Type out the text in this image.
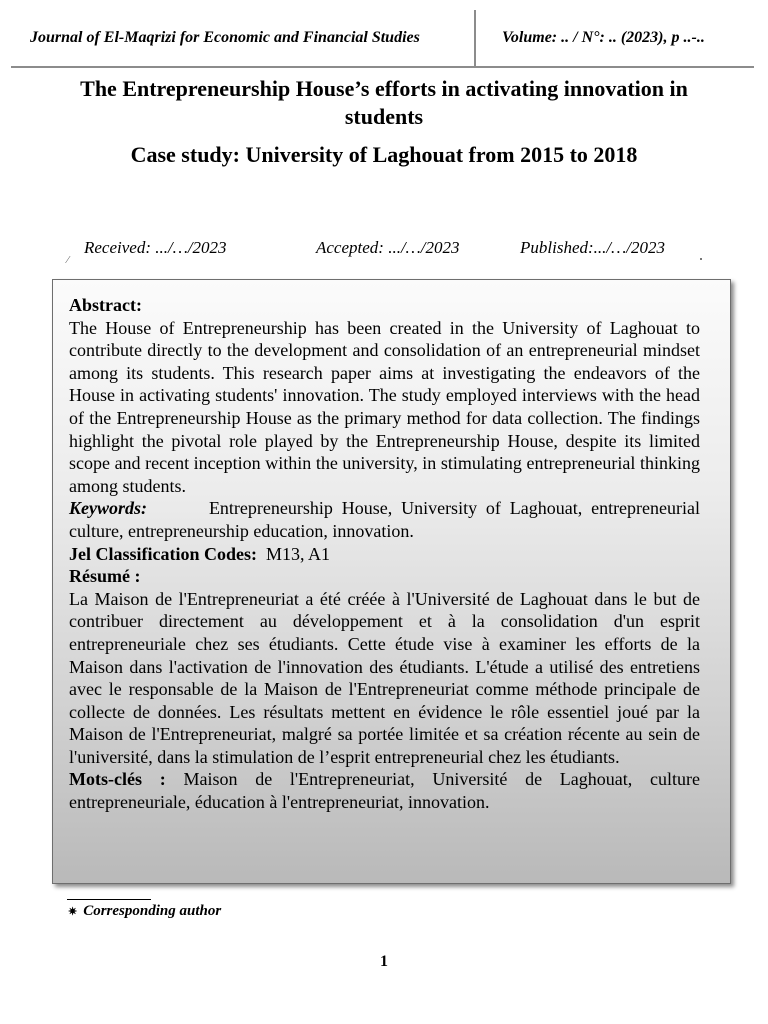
Journal of El-Maqrizi for Economic and Financial Studies	Volume: .. / N°: .. (2023), p ..-..
The Entrepreneurship House’s efforts in activating innovation in students
Case study: University of Laghouat from 2015 to 2018
Received: .../…/2023	Accepted: .../…/2023	Published:.../…/2023
⁄

Abstract:

The House of Entrepreneurship has been created in the University of Laghouat to contribute directly to the development and consolidation of an entrepreneurial mindset among its students. This research paper aims at investigating the endeavors of the House in activating students' innovation. The study employed interviews with the head of the Entrepreneurship House as the primary method for data collection. The findings highlight the pivotal role played by the Entrepreneurship House, despite its limited scope and recent inception within the university, in stimulating entrepreneurial thinking among students.

Keywords:	Entrepreneurship House, University of Laghouat, entrepreneurial culture, entrepreneurship education, innovation.

Jel Classification Codes: M13, A1

Résumé :

La Maison de l'Entrepreneuriat a été créée à l'Université de Laghouat dans le but de contribuer directement au développement et à la consolidation d'un esprit entrepreneuriale chez ses étudiants. Cette étude vise à examiner les efforts de la Maison dans l'activation de l'innovation des étudiants. L'étude a utilisé des entretiens avec le responsable de la Maison de l'Entrepreneuriat comme méthode principale de collecte de données. Les résultats mettent en évidence le rôle essentiel joué par la Maison de l'Entrepreneuriat, malgré sa portée limitée et sa création récente au sein de l'université, dans la stimulation de l’esprit entrepreneurial chez les étudiants.

Mots-clés : Maison de l'Entrepreneuriat, Université de Laghouat, culture entrepreneuriale, éducation à l'entrepreneuriat, innovation.

✷ Corresponding author
1
